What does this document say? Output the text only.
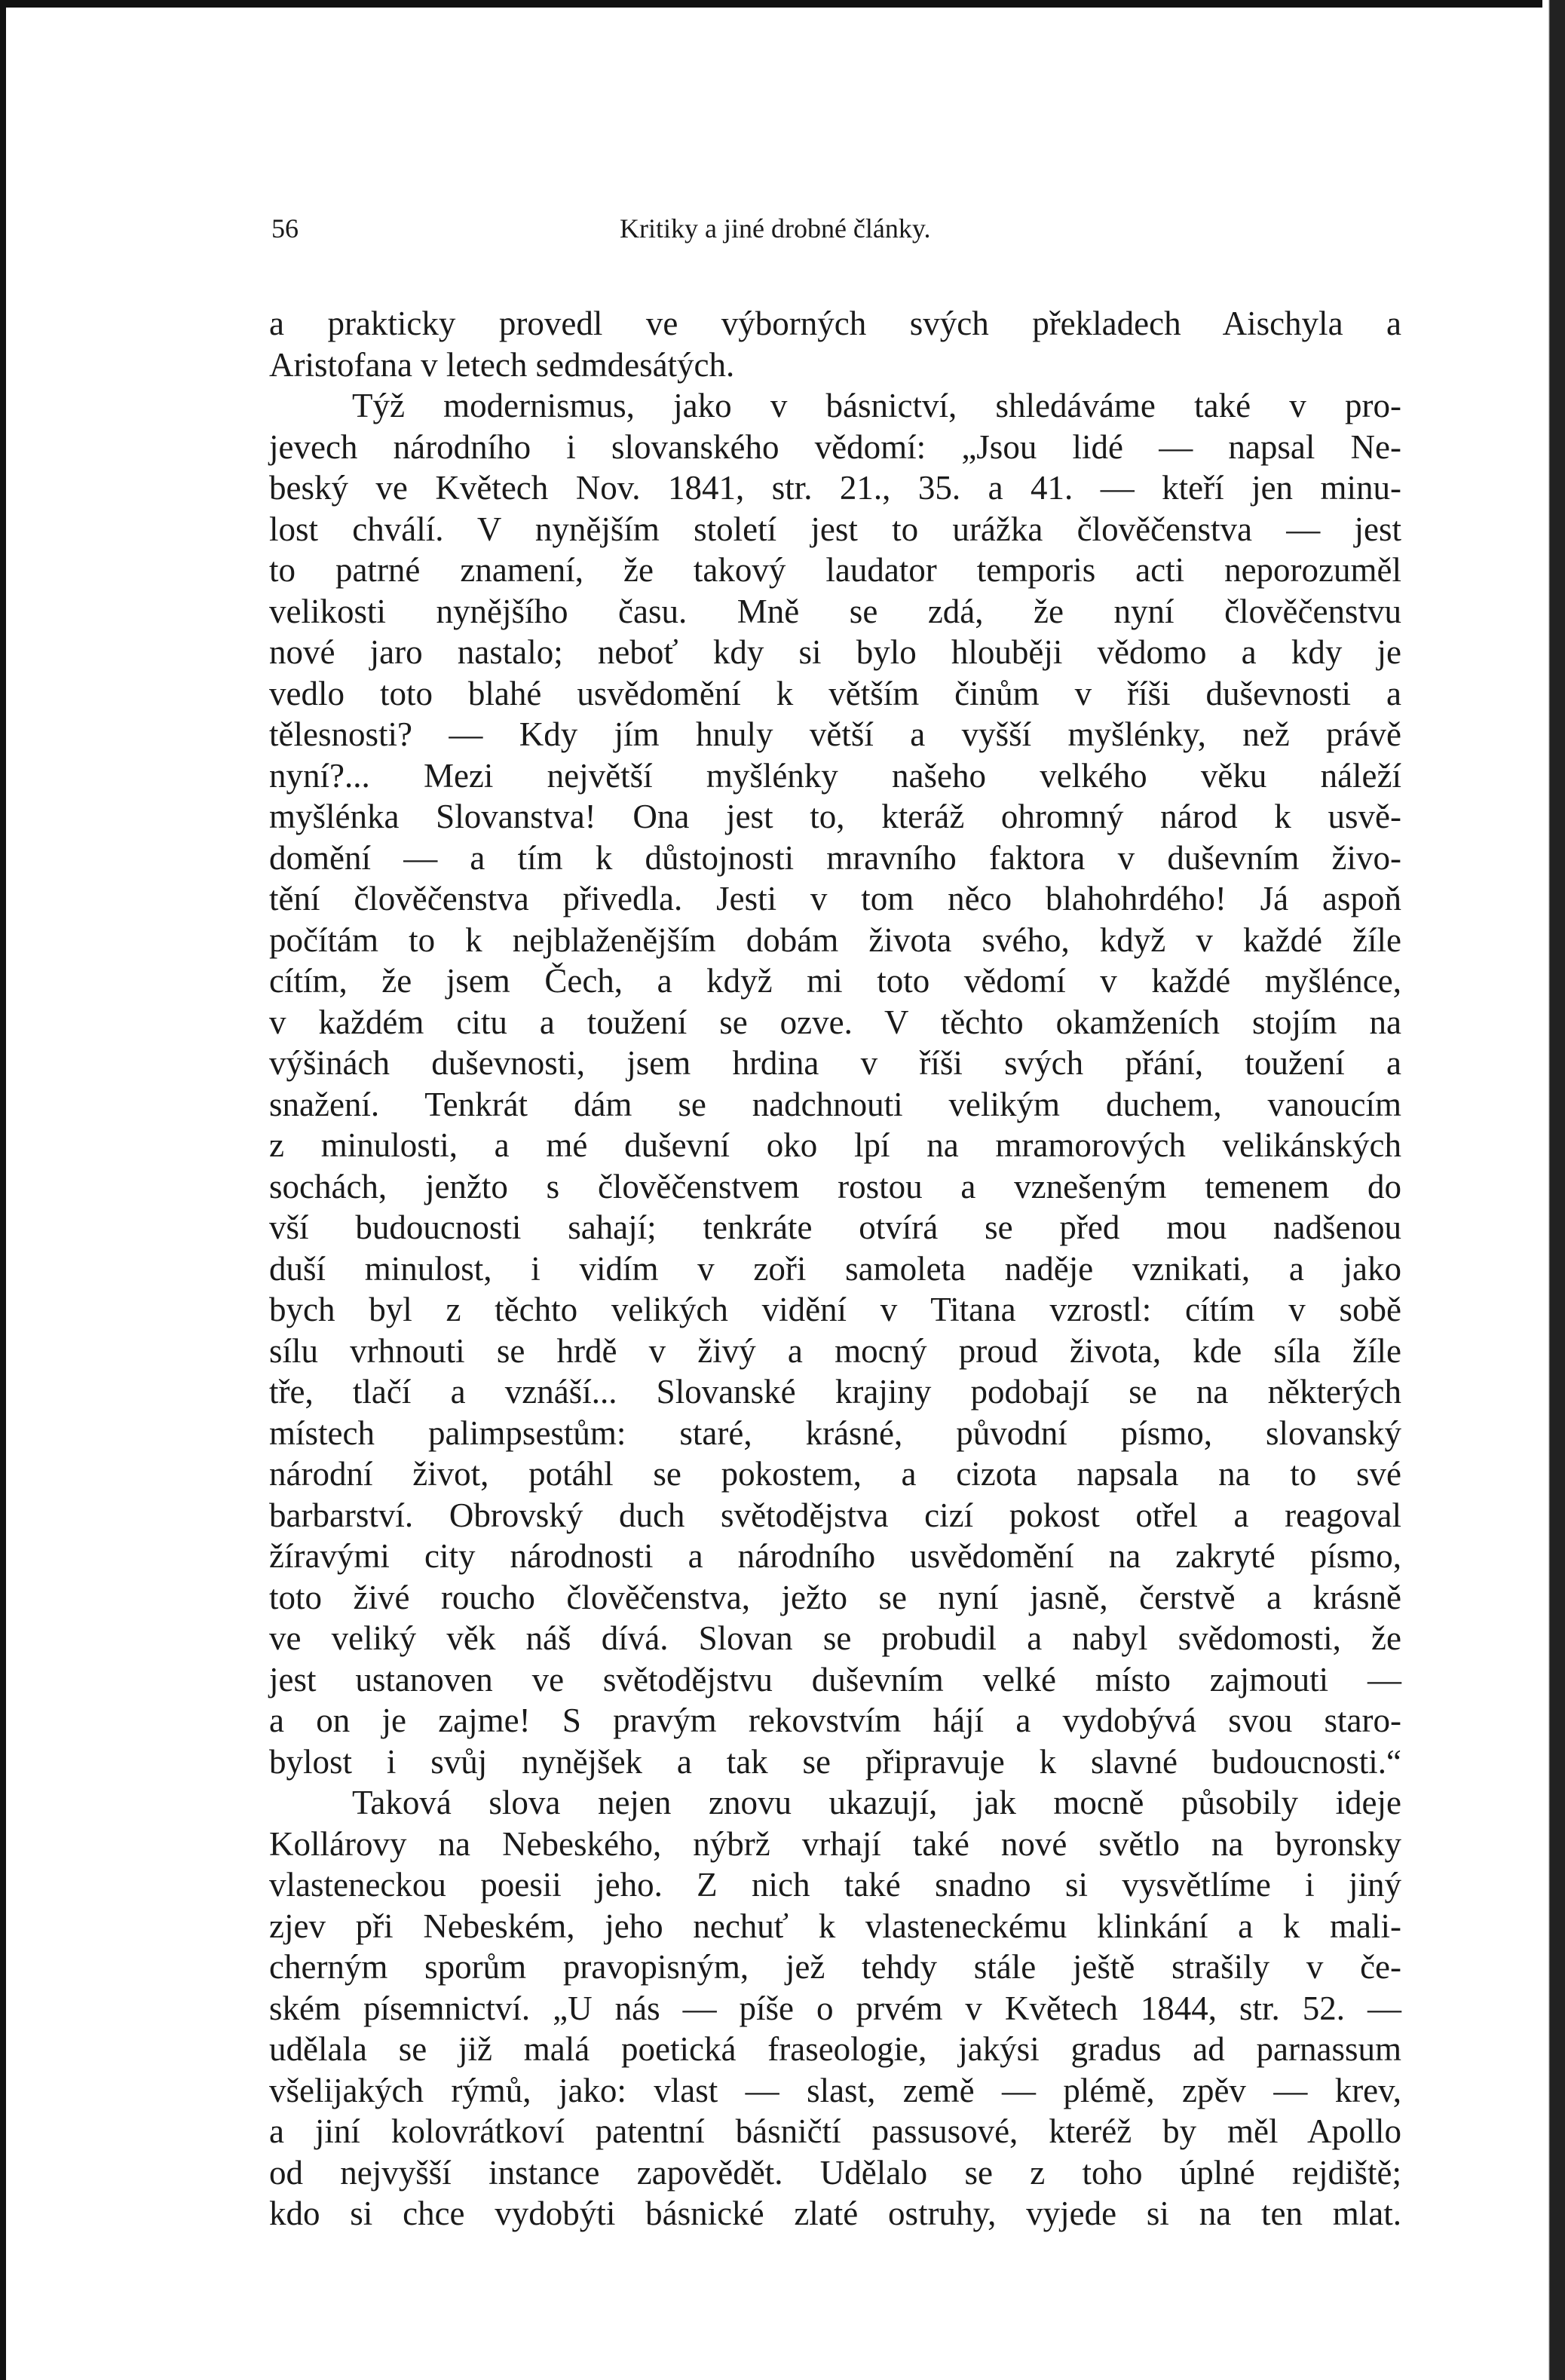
56	Kritiky a jiné drobné články.
a prakticky provedl ve výborných svých překladech Aischyla a
Aristofana v letech sedmdesátých.
Týž modernismus, jako v básnictví, shledáváme také v pro-
jevech národního i slovanského vědomí: „Jsou lidé — napsal Ne-
beský ve Květech Nov. 1841, str. 21., 35. a 41. — kteří jen minu-
lost chválí. V nynějším století jest to urážka člověčenstva — jest
to patrné znamení, že takový laudator temporis acti neporozuměl
velikosti nynějšího času. Mně se zdá, že nyní člověčenstvu
nové jaro nastalo; neboť kdy si bylo hlouběji vědomo a kdy je
vedlo toto blahé usvědomění k větším činům v říši duševnosti a
tělesnosti? — Kdy jím hnuly větší a vyšší myšlénky, než právě
nyní?... Mezi největší myšlénky našeho velkého věku náleží
myšlénka Slovanstva! Ona jest to, kteráž ohromný národ k usvě-
domění — a tím k důstojnosti mravního faktora v duševním živo-
tění člověčenstva přivedla. Jesti v tom něco blahohrdého! Já aspoň
počítám to k nejblaženějším dobám života svého, když v každé žíle
cítím, že jsem Čech, a když mi toto vědomí v každé myšlénce,
v každém citu a toužení se ozve. V těchto okamženích stojím na
výšinách duševnosti, jsem hrdina v říši svých přání, toužení a
snažení. Tenkrát dám se nadchnouti velikým duchem, vanoucím
z minulosti, a mé duševní oko lpí na mramorových velikánských
sochách, jenžto s člověčenstvem rostou a vznešeným temenem do
vší budoucnosti sahají; tenkráte otvírá se před mou nadšenou
duší minulost, i vidím v zoři samoleta naděje vznikati, a jako
bych byl z těchto velikých vidění v Titana vzrostl: cítím v sobě
sílu vrhnouti se hrdě v živý a mocný proud života, kde síla žíle
tře, tlačí a vznáší... Slovanské krajiny podobají se na některých
místech palimpsestům: staré, krásné, původní písmo, slovanský
národní život, potáhl se pokostem, a cizota napsala na to své
barbarství. Obrovský duch světodějstva cizí pokost otřel a reagoval
žíravými city národnosti a národního usvědomění na zakryté písmo,
toto živé roucho člověčenstva, ježto se nyní jasně, čerstvě a krásně
ve veliký věk náš dívá. Slovan se probudil a nabyl svědomosti, že
jest ustanoven ve světodějstvu duševním velké místo zajmouti —
a on je zajme! S pravým rekovstvím hájí a vydobývá svou staro-
bylost i svůj nynějšek a tak se připravuje k slavné budoucnosti.“
Taková slova nejen znovu ukazují, jak mocně působily ideje
Kollárovy na Nebeského, nýbrž vrhají také nové světlo na byronsky
vlasteneckou poesii jeho. Z nich také snadno si vysvětlíme i jiný
zjev při Nebeském, jeho nechuť k vlasteneckému klinkání a k mali-
cherným sporům pravopisným, jež tehdy stále ještě strašily v če-
ském písemnictví. „U nás — píše o prvém v Květech 1844, str. 52. —
udělala se již malá poetická fraseologie, jakýsi gradus ad parnassum
všelijakých rýmů, jako: vlast — slast, země — plémě, zpěv — krev,
a jiní kolovrátkoví patentní básničtí passusové, kteréž by měl Apollo
od nejvyšší instance zapovědět. Udělalo se z toho úplné rejdiště;
kdo si chce vydobýti básnické zlaté ostruhy, vyjede si na ten mlat.
